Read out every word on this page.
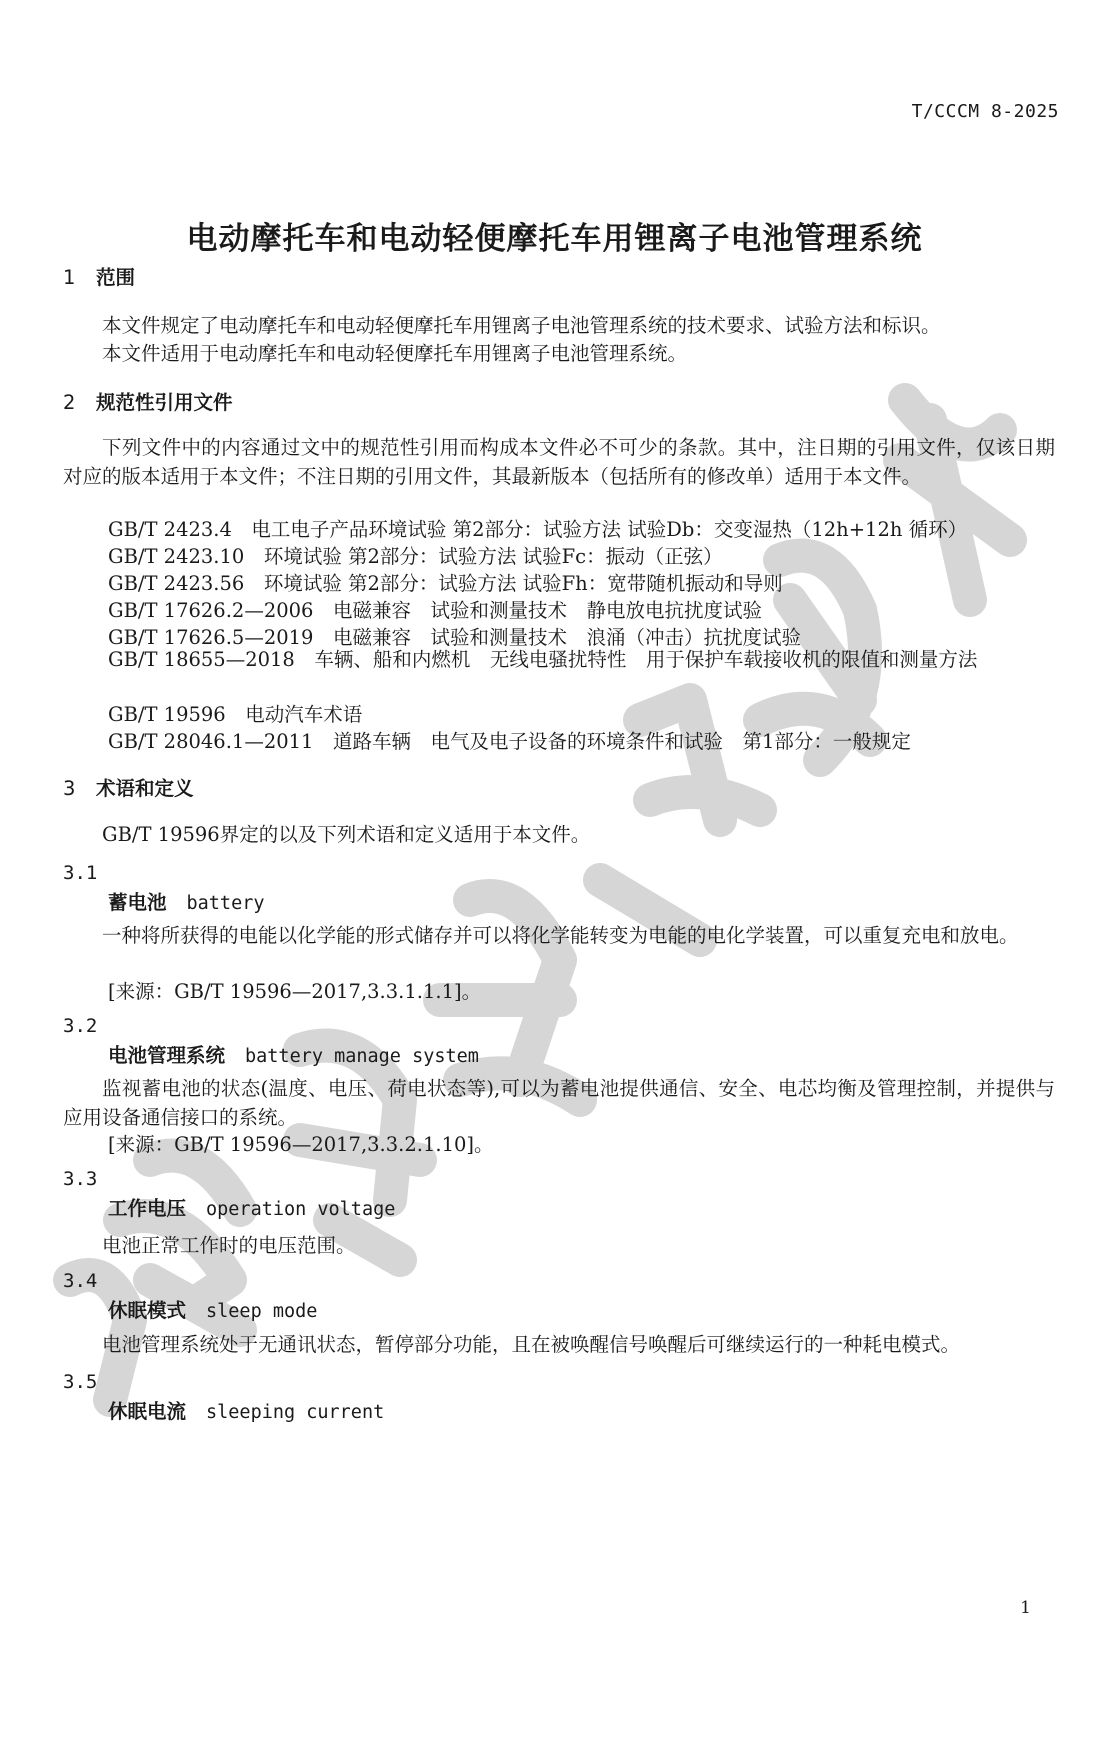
T/CCCM 8-2025
电动摩托车和电动轻便摩托车用锂离子电池管理系统
1 范围
本文件规定了电动摩托车和电动轻便摩托车用锂离子电池管理系统的技术要求、试验方法和标识。
本文件适用于电动摩托车和电动轻便摩托车用锂离子电池管理系统。
2 规范性引用文件
下列文件中的内容通过文中的规范性引用而构成本文件必不可少的条款。其中，注日期的引用文件，仅该日期对应的版本适用于本文件；不注日期的引用文件，其最新版本（包括所有的修改单）适用于本文件。
GB/T 2423.4　电工电子产品环境试验 第2部分：试验方法 试验Db：交变湿热（12h+12h 循环）
GB/T 2423.10　环境试验 第2部分：试验方法 试验Fc：振动（正弦）
GB/T 2423.56　环境试验 第2部分：试验方法 试验Fh：宽带随机振动和导则
GB/T 17626.2—2006　电磁兼容　试验和测量技术　静电放电抗扰度试验
GB/T 17626.5—2019　电磁兼容　试验和测量技术　浪涌（冲击）抗扰度试验
GB/T 18655—2018　车辆、船和内燃机　无线电骚扰特性　用于保护车载接收机的限值和测量方法
GB/T 19596　电动汽车术语
GB/T 28046.1—2011　道路车辆　电气及电子设备的环境条件和试验　第1部分：一般规定
3 术语和定义
GB/T 19596界定的以及下列术语和定义适用于本文件。
3.1
蓄电池 battery
一种将所获得的电能以化学能的形式储存并可以将化学能转变为电能的电化学装置，可以重复充电和放电。
[来源：GB/T 19596—2017,3.3.1.1.1]。
3.2
电池管理系统 battery manage system
监视蓄电池的状态(温度、电压、荷电状态等),可以为蓄电池提供通信、安全、电芯均衡及管理控制，并提供与应用设备通信接口的系统。
[来源：GB/T 19596—2017,3.3.2.1.10]。
3.3
工作电压 operation voltage
电池正常工作时的电压范围。
3.4
休眠模式 sleep mode
电池管理系统处于无通讯状态，暂停部分功能，且在被唤醒信号唤醒后可继续运行的一种耗电模式。
3.5
休眠电流 sleeping current
1
